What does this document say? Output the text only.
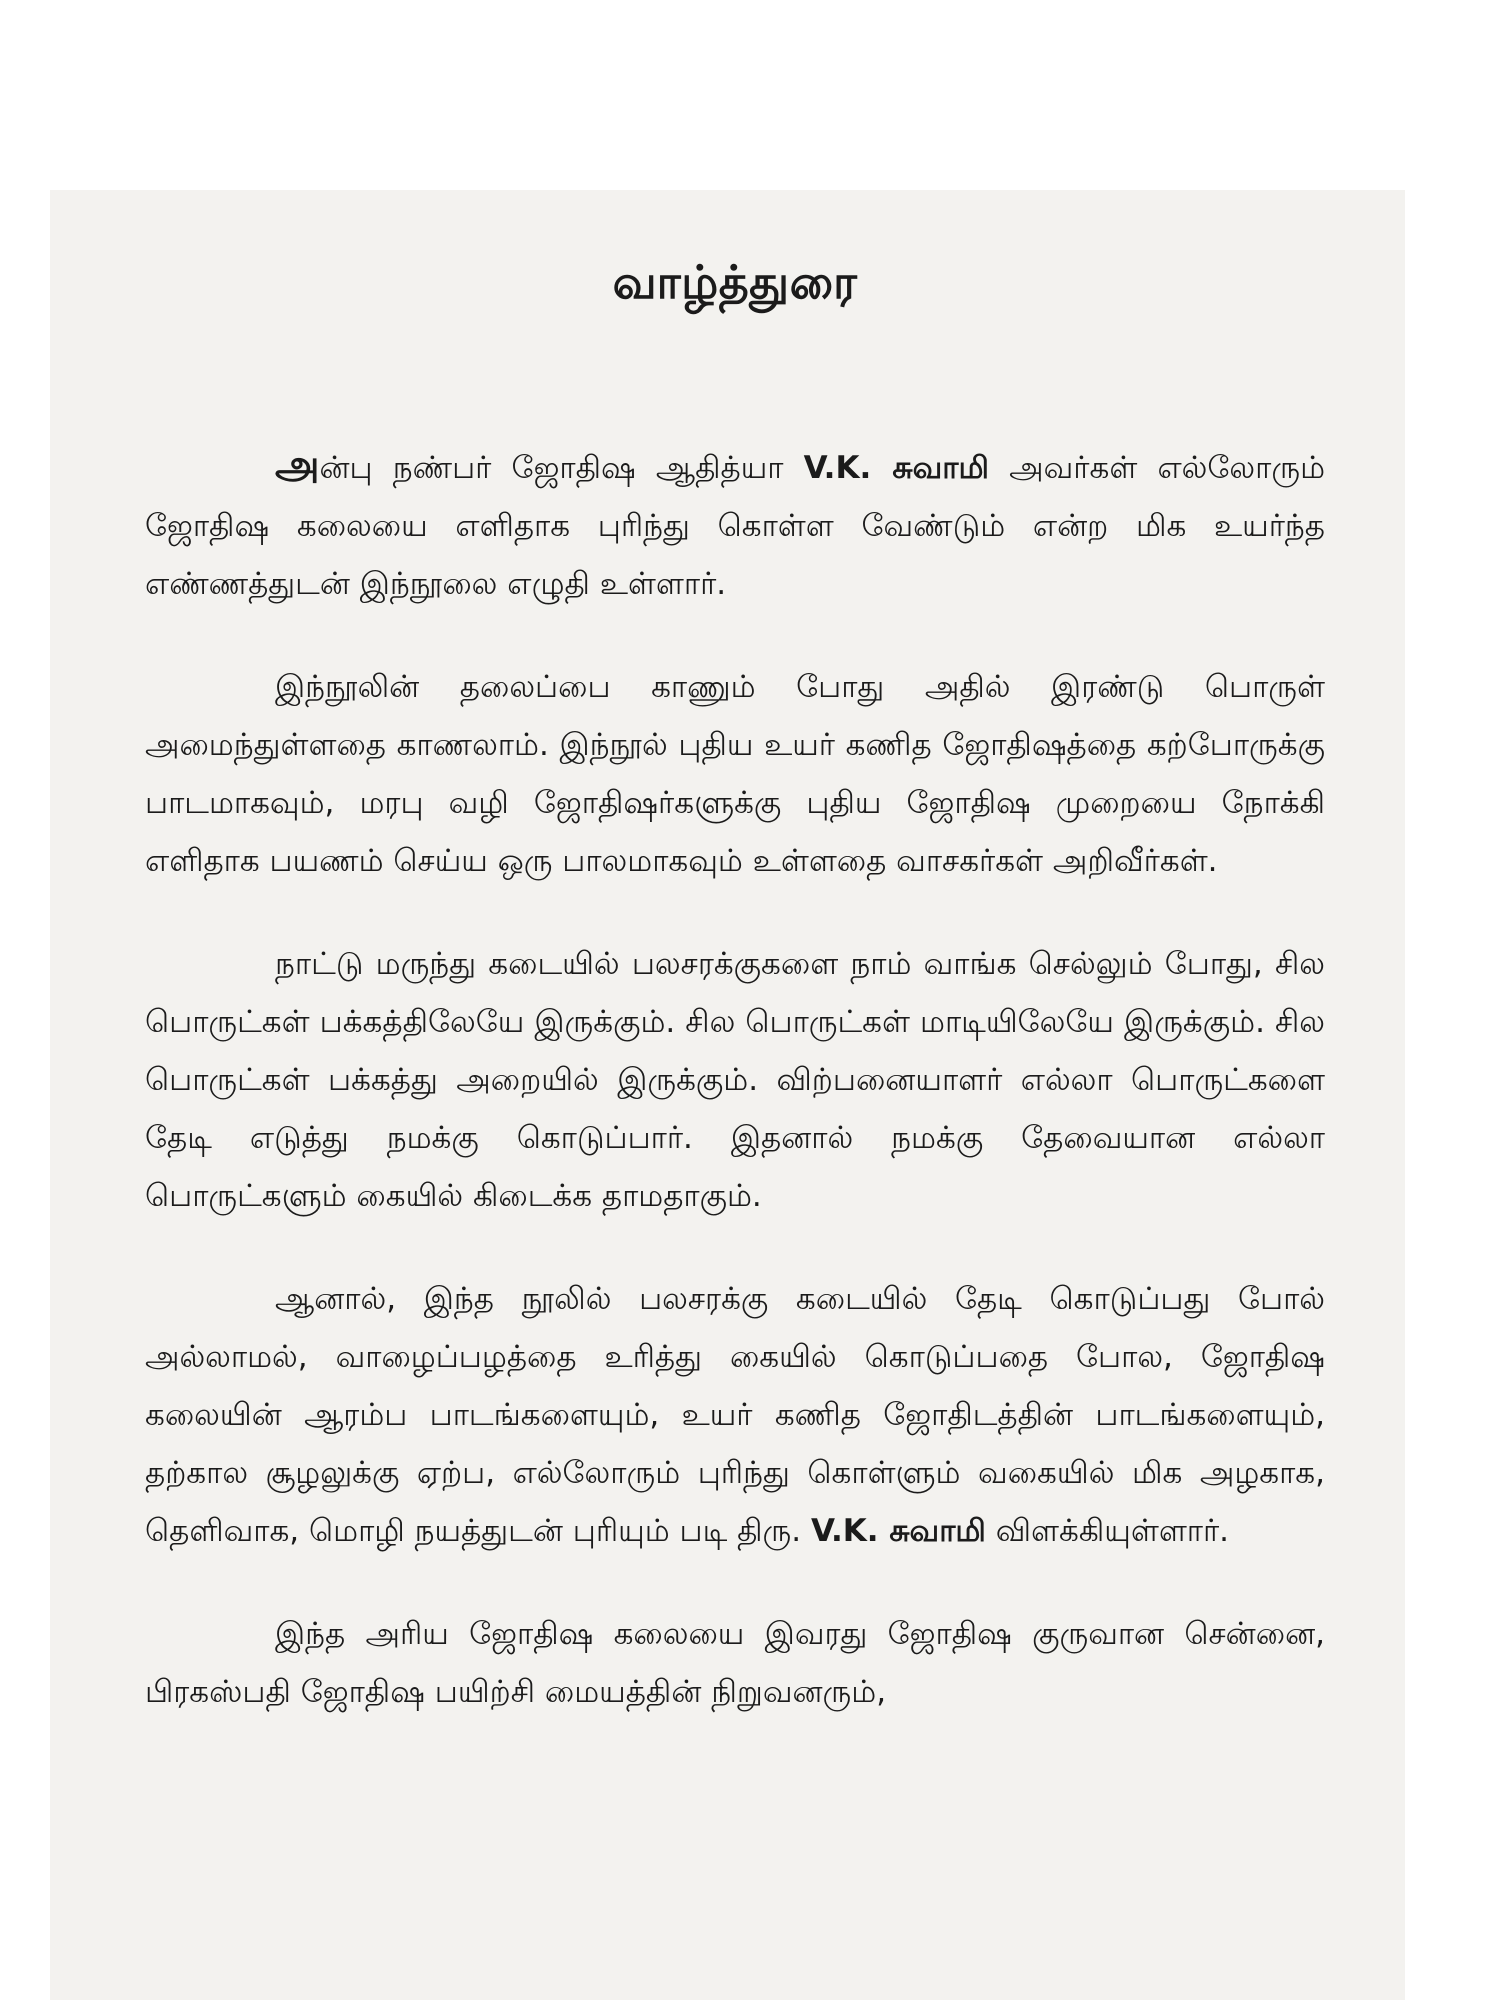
வாழ்த்துரை

அன்பு நண்பர் ஜோதிஷ ஆதித்யா V.K. சுவாமி அவர்கள் எல்லோரும் ஜோதிஷ கலையை எளிதாக புரிந்து கொள்ள வேண்டும் என்ற மிக உயர்ந்த எண்ணத்துடன் இந்நூலை எழுதி உள்ளார்.

இந்நூலின் தலைப்பை காணும் போது அதில் இரண்டு பொருள் அமைந்துள்ளதை காணலாம். இந்நூல் புதிய உயர் கணித ஜோதிஷத்தை கற்போருக்கு பாடமாகவும், மரபு வழி ஜோதிஷர்களுக்கு புதிய ஜோதிஷ முறையை நோக்கி எளிதாக பயணம் செய்ய ஒரு பாலமாகவும் உள்ளதை வாசகர்கள் அறிவீர்கள்.

நாட்டு மருந்து கடையில் பலசரக்குகளை நாம் வாங்க செல்லும் போது, சில பொருட்கள் பக்கத்திலேயே இருக்கும். சில பொருட்கள் மாடியிலேயே இருக்கும். சில பொருட்கள் பக்கத்து அறையில் இருக்கும். விற்பனையாளர் எல்லா பொருட்களை தேடி எடுத்து நமக்கு கொடுப்பார். இதனால் நமக்கு தேவையான எல்லா பொருட்களும் கையில் கிடைக்க தாமதாகும்.

ஆனால், இந்த நூலில் பலசரக்கு கடையில் தேடி கொடுப்பது போல் அல்லாமல், வாழைப்பழத்தை உரித்து கையில் கொடுப்பதை போல, ஜோதிஷ கலையின் ஆரம்ப பாடங்களையும், உயர் கணித ஜோதிடத்தின் பாடங்களையும், தற்கால சூழலுக்கு ஏற்ப, எல்லோரும் புரிந்து கொள்ளும் வகையில் மிக அழகாக, தெளிவாக, மொழி நயத்துடன் புரியும் படி திரு. V.K. சுவாமி விளக்கியுள்ளார்.

இந்த அரிய ஜோதிஷ கலையை இவரது ஜோதிஷ குருவான சென்னை, பிரகஸ்பதி ஜோதிஷ பயிற்சி மையத்தின் நிறுவனரும்,
